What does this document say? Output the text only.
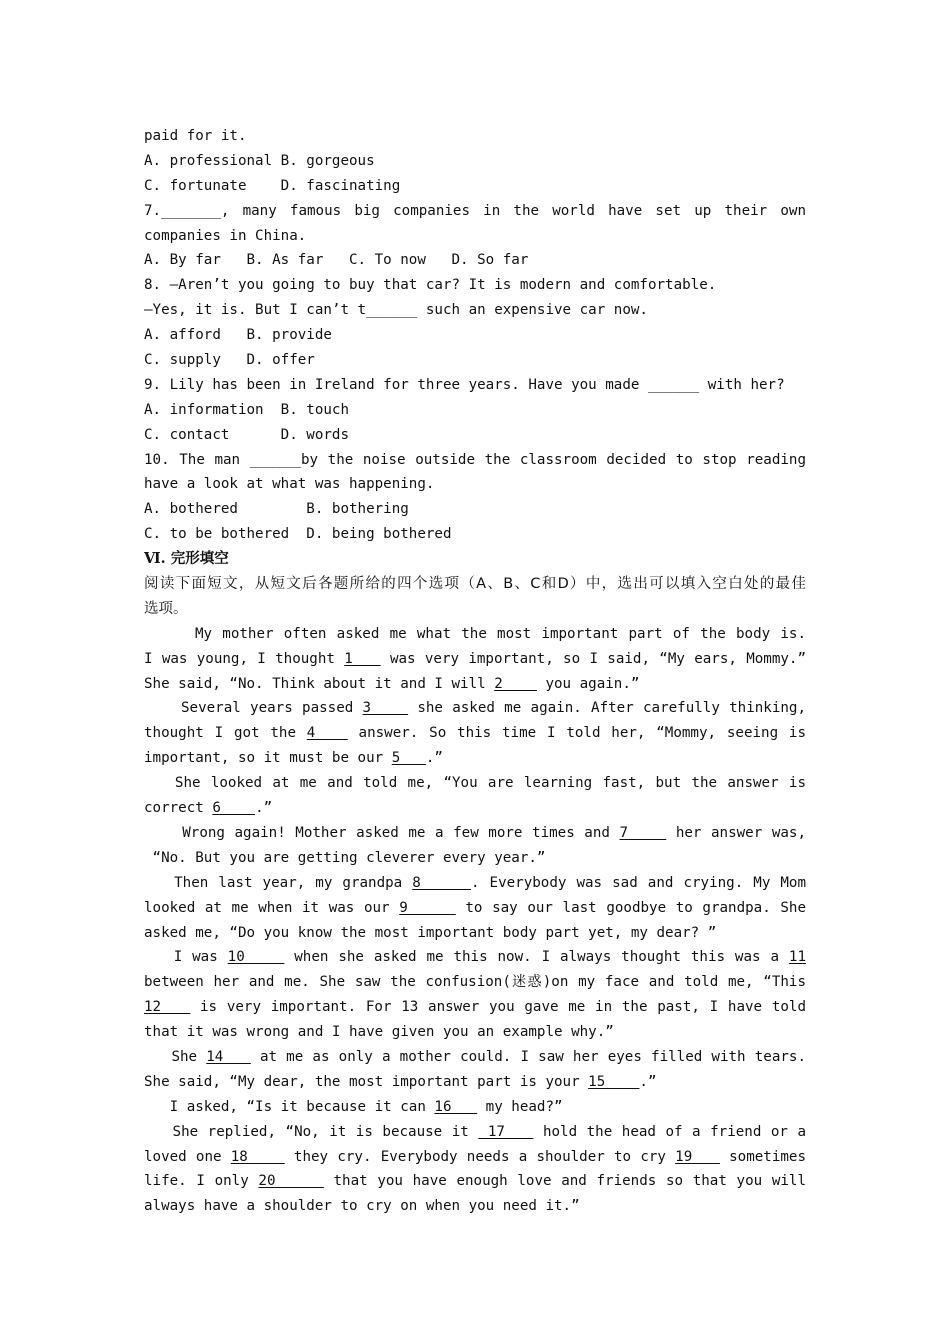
paid for it.
A. professional B. gorgeous
C. fortunate    D. fascinating
7._______, many famous big companies in the world have set up their own
companies in China.
A. By far   B. As far   C. To now   D. So far
8. —Aren’t you going to buy that car? It is modern and comfortable.
—Yes, it is. But I can’t t______ such an expensive car now.
A. afford   B. provide
C. supply   D. offer
9. Lily has been in Ireland for three years. Have you made ______ with her?
A. information  B. touch
C. contact      D. words
10. The man ______by the noise outside the classroom decided to stop reading
have a look at what was happening.
A. bothered        B. bothering
C. to be bothered  D. being bothered
Ⅵ. 完形填空
阅读下面短文，从短文后各题所给的四个选项（A、B、C和D）中，选出可以填入空白处的最佳
选项。
My mother often asked me what the most important part of the body is.
I was young, I thought 1    was very important, so I said, “My ears, Mommy.”
She said, “No. Think about it and I will 2     you again.”
Several years passed 3     she asked me again. After carefully thinking,
thought I got the 4    answer. So this time I told her, “Mommy, seeing is
important, so it must be our 5   .”
She looked at me and told me, “You are learning fast, but the answer is
correct 6    .”
Wrong again! Mother asked me a few more times and 7     her answer was,
“No. But you are getting cleverer every year.”
Then last year, my grandpa 8     . Everybody was sad and crying. My Mom
looked at me when it was our 9      to say our last goodbye to grandpa. She
asked me, “Do you know the most important body part yet, my dear? ”
I was 10     when she asked me this now. I always thought this was a 11
between her and me. She saw the confusion(迷惑)on my face and told me, “This
12    is very important. For 13 answer you gave me in the past, I have told
that it was wrong and I have given you an example why.”
She 14    at me as only a mother could. I saw her eyes filled with tears.
She said, “My dear, the most important part is your 15    .”
I asked, “Is it because it can 16    my head?”
She replied, “No, it is because it  17    hold the head of a friend or a
loved one 18     they cry. Everybody needs a shoulder to cry 19    sometimes
life. I only 20      that you have enough love and friends so that you will
always have a shoulder to cry on when you need it.”
